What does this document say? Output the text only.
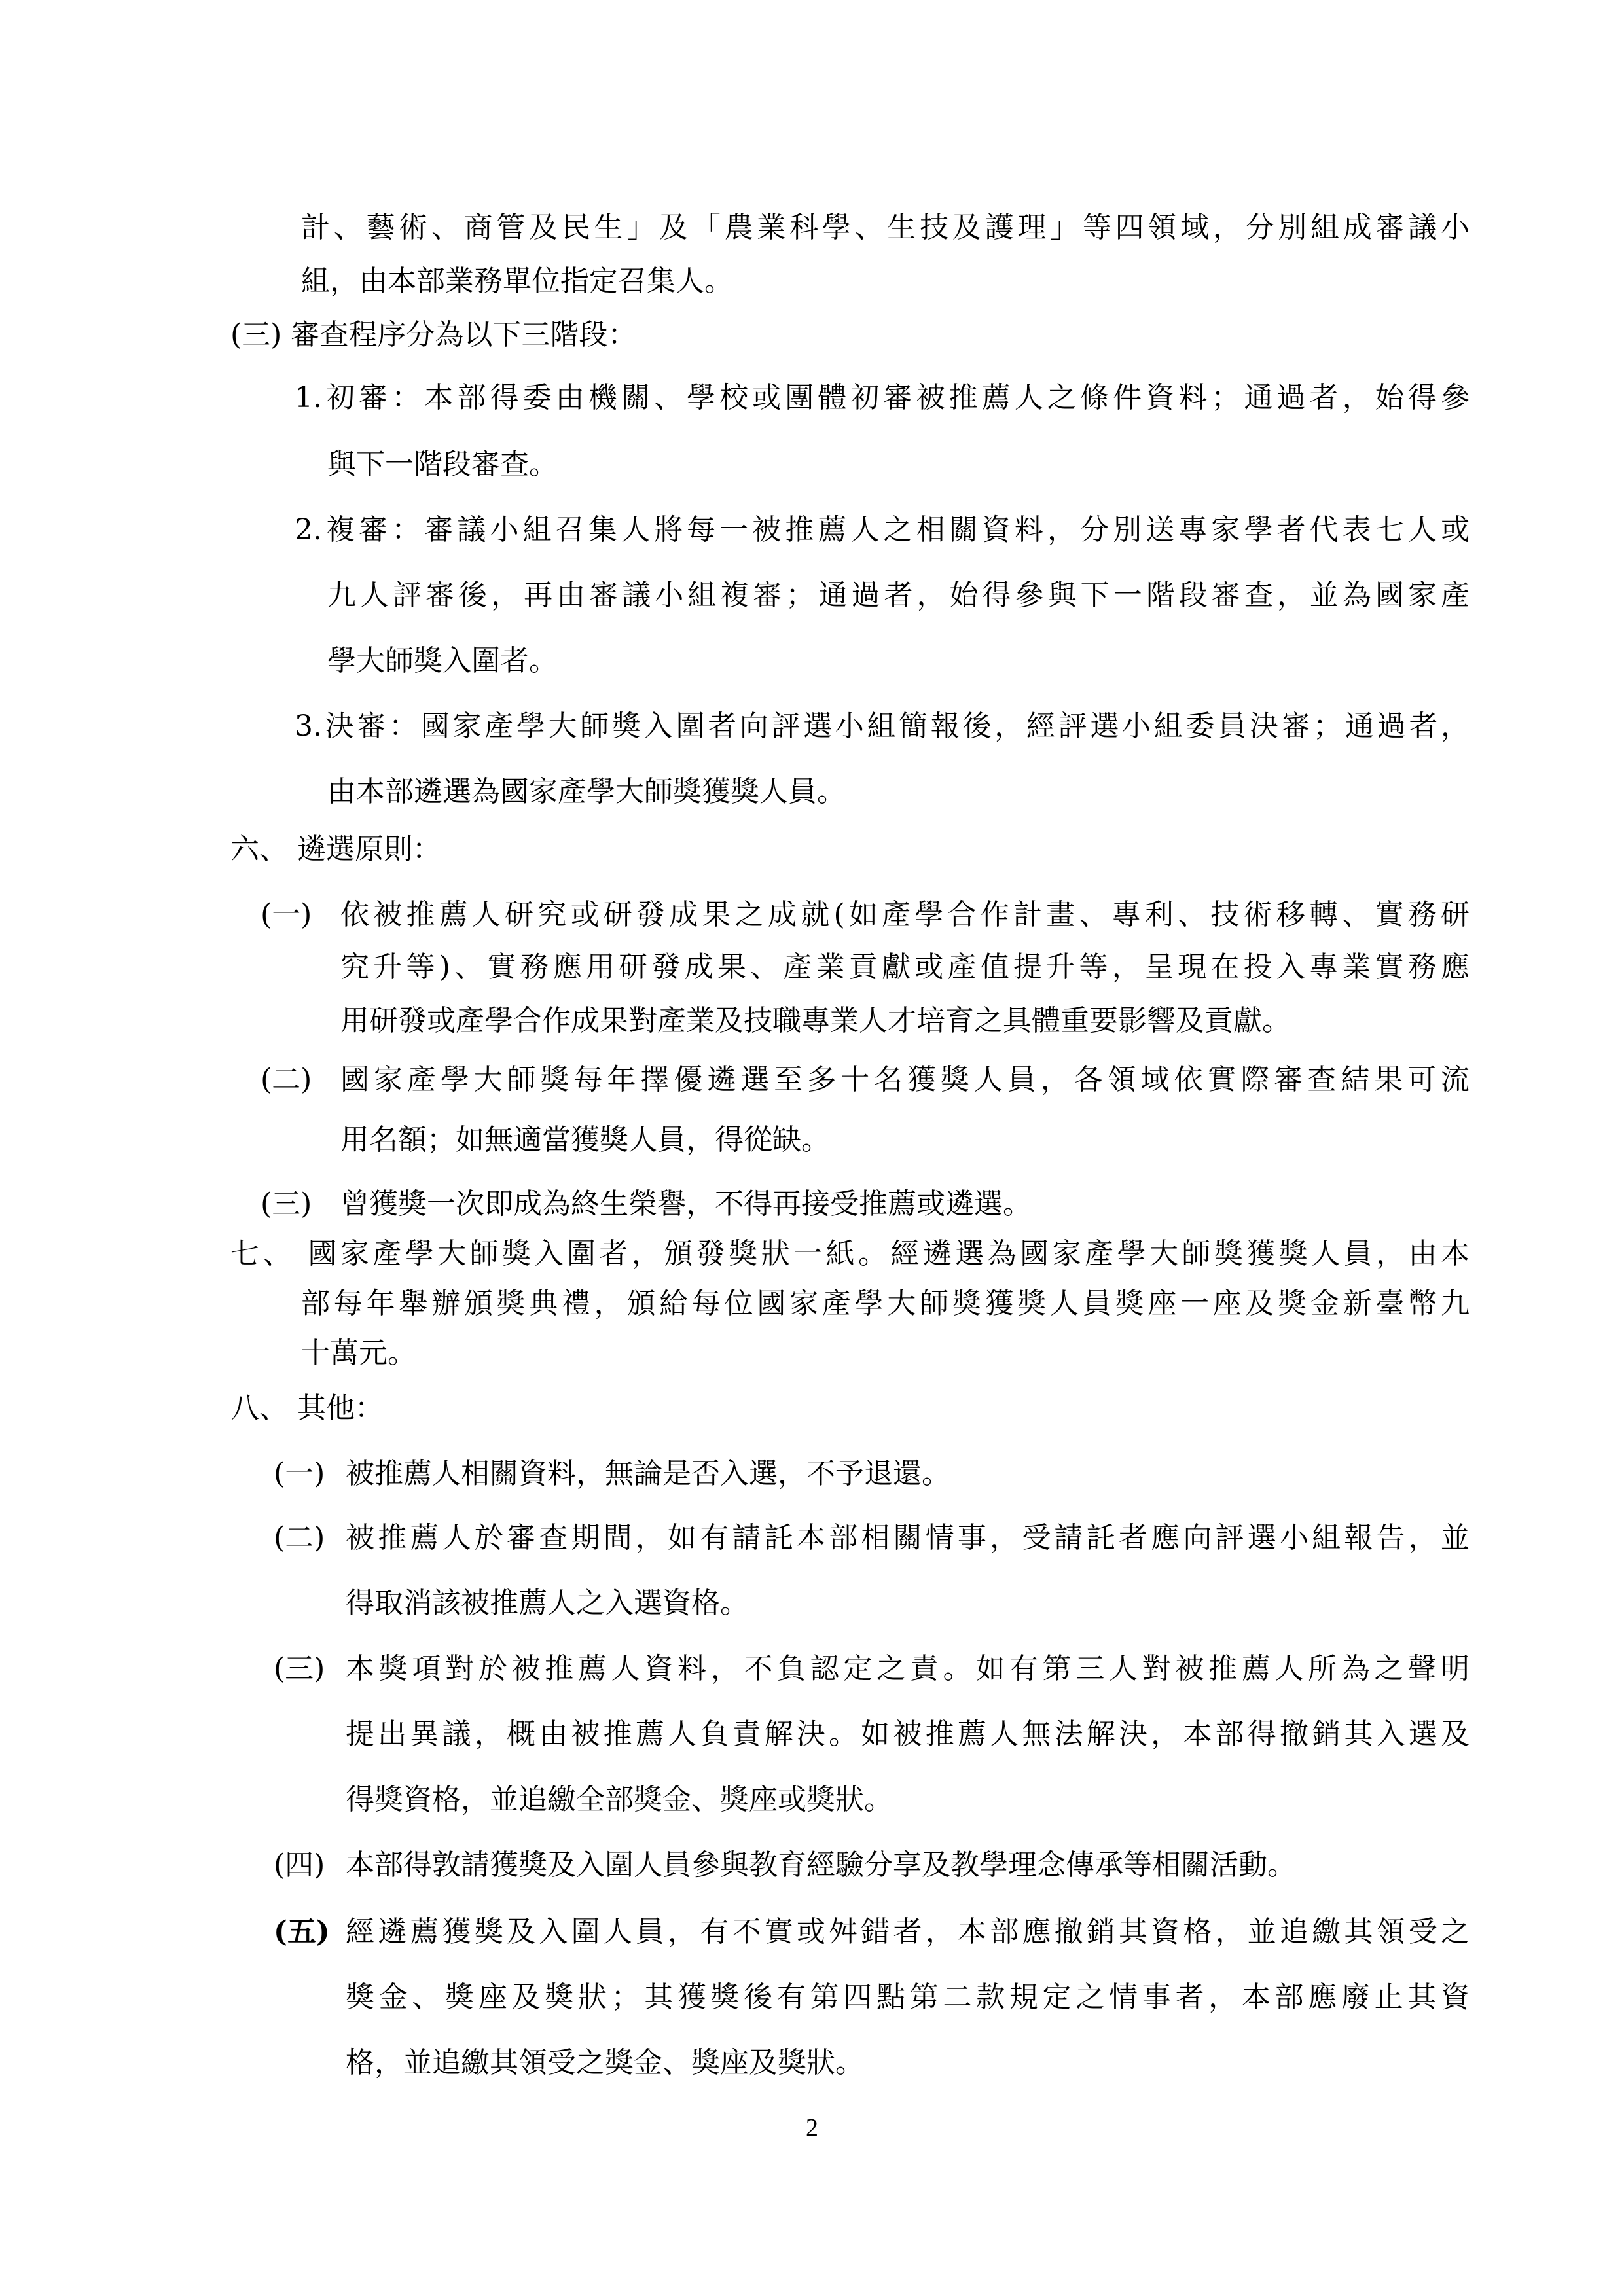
計、藝術、商管及民生」及「農業科學、生技及護理」等四領域，分別組成審議小

組，由本部業務單位指定召集人。

(三) 審查程序分為以下三階段：

1.初審：本部得委由機關、學校或團體初審被推薦人之條件資料；通過者，始得參

與下一階段審查。

2.複審：審議小組召集人將每一被推薦人之相關資料，分別送專家學者代表七人或

九人評審後，再由審議小組複審；通過者，始得參與下一階段審查，並為國家產

學大師獎入圍者。

3.決審：國家產學大師獎入圍者向評選小組簡報後，經評選小組委員決審；通過者，

由本部遴選為國家產學大師獎獲獎人員。

六、 遴選原則：

(一) 依被推薦人研究或研發成果之成就(如產學合作計畫、專利、技術移轉、實務研

究升等)、實務應用研發成果、產業貢獻或產值提升等，呈現在投入專業實務應

用研發或產學合作成果對產業及技職專業人才培育之具體重要影響及貢獻。

(二) 國家產學大師獎每年擇優遴選至多十名獲獎人員，各領域依實際審查結果可流

用名額；如無適當獲獎人員，得從缺。

(三) 曾獲獎一次即成為終生榮譽，不得再接受推薦或遴選。

七、 國家產學大師獎入圍者，頒發獎狀一紙。經遴選為國家產學大師獎獲獎人員，由本

部每年舉辦頒獎典禮，頒給每位國家產學大師獎獲獎人員獎座一座及獎金新臺幣九

十萬元。

八、 其他：

(一) 被推薦人相關資料，無論是否入選，不予退還。

(二) 被推薦人於審查期間，如有請託本部相關情事，受請託者應向評選小組報告，並

得取消該被推薦人之入選資格。

(三) 本獎項對於被推薦人資料，不負認定之責。如有第三人對被推薦人所為之聲明

提出異議，概由被推薦人負責解決。如被推薦人無法解決，本部得撤銷其入選及

得獎資格，並追繳全部獎金、獎座或獎狀。

(四) 本部得敦請獲獎及入圍人員參與教育經驗分享及教學理念傳承等相關活動。

(五) 經遴薦獲獎及入圍人員，有不實或舛錯者，本部應撤銷其資格，並追繳其領受之

獎金、獎座及獎狀；其獲獎後有第四點第二款規定之情事者，本部應廢止其資

格，並追繳其領受之獎金、獎座及獎狀。

2
